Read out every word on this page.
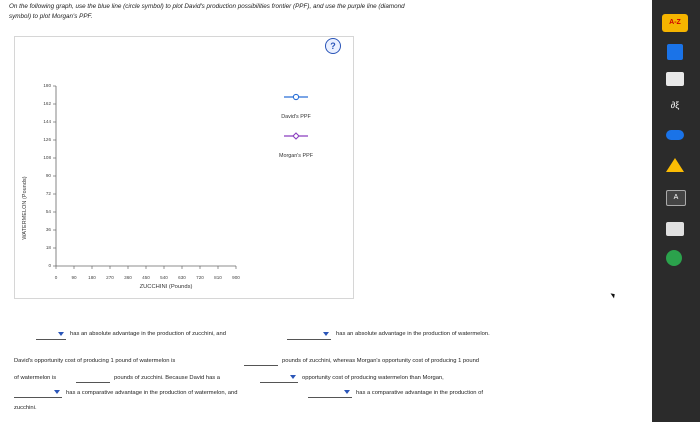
On the following graph, use the blue line (circle symbol) to plot David's production possibilities frontier (PPF), and use the purple line (diamond
symbol) to plot Morgan's PPF.
?
WATERMELON (Pounds)
ZUCCHINI (Pounds)
0
18
36
54
72
90
108
126
144
162
180
0	90	180	270	360	450	540	630	720	810	900
David's PPF
Morgan's PPF
has an absolute advantage in the production of zucchini, and	has an absolute advantage in the production of watermelon.
David's opportunity cost of producing 1 pound of watermelon is	pounds of zucchini, whereas Morgan's opportunity cost of producing 1 pound
of watermelon is	pounds of zucchini. Because David has a	opportunity cost of producing watermelon than Morgan,
has a comparative advantage in the production of watermelon, and	has a comparative advantage in the production of
zucchini.
A-Z
∂ξ
A
